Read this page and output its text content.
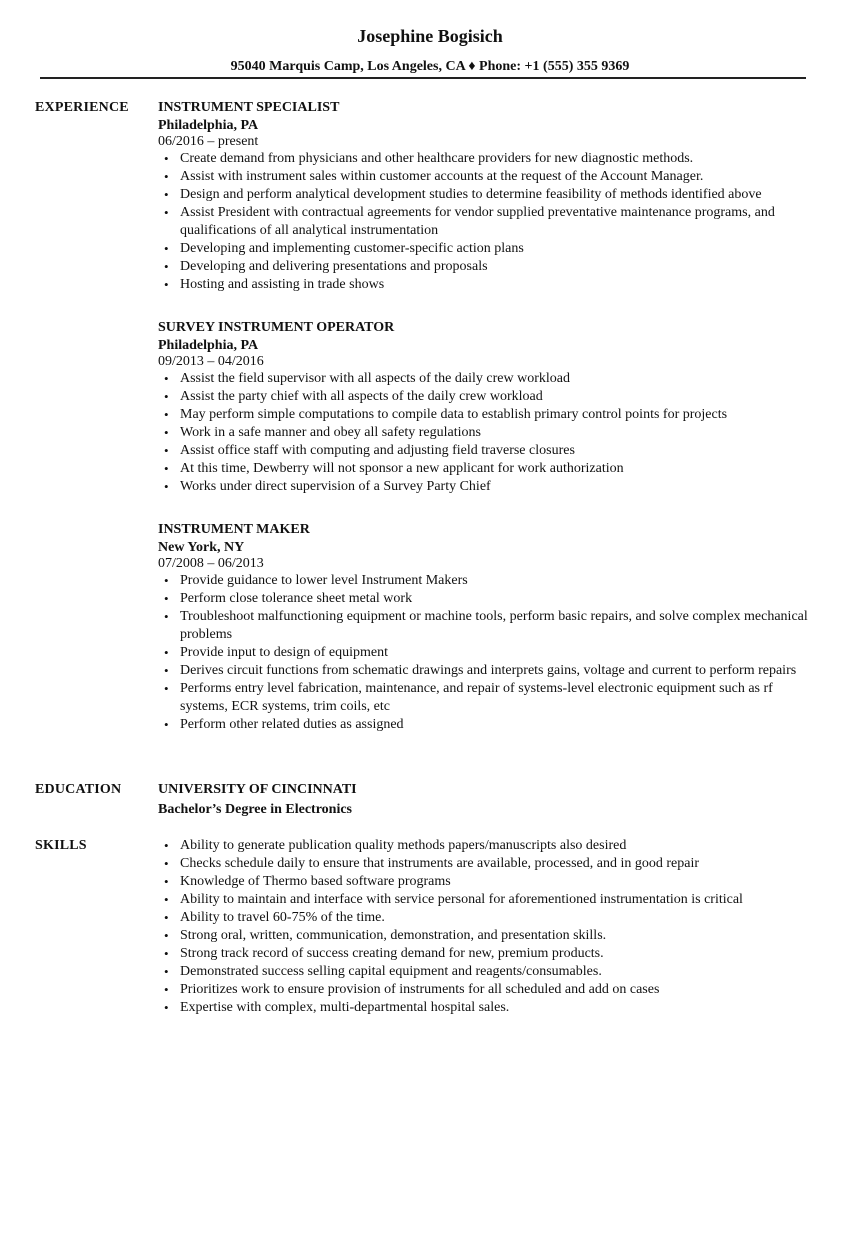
Josephine Bogisich
95040 Marquis Camp, Los Angeles, CA ♦ Phone: +1 (555) 355 9369
EXPERIENCE INSTRUMENT SPECIALIST
Philadelphia, PA
06/2016 – present
• Create demand from physicians and other healthcare providers for new diagnostic methods.
• Assist with instrument sales within customer accounts at the request of the Account Manager.
• Design and perform analytical development studies to determine feasibility of methods identified above
• Assist President with contractual agreements for vendor supplied preventative maintenance programs, and qualifications of all analytical instrumentation
• Developing and implementing customer-specific action plans
• Developing and delivering presentations and proposals
• Hosting and assisting in trade shows
SURVEY INSTRUMENT OPERATOR
Philadelphia, PA
09/2013 – 04/2016
• Assist the field supervisor with all aspects of the daily crew workload
• Assist the party chief with all aspects of the daily crew workload
• May perform simple computations to compile data to establish primary control points for projects
• Work in a safe manner and obey all safety regulations
• Assist office staff with computing and adjusting field traverse closures
• At this time, Dewberry will not sponsor a new applicant for work authorization
• Works under direct supervision of a Survey Party Chief
INSTRUMENT MAKER
New York, NY
07/2008 – 06/2013
• Provide guidance to lower level Instrument Makers
• Perform close tolerance sheet metal work
• Troubleshoot malfunctioning equipment or machine tools, perform basic repairs, and solve complex mechanical problems
• Provide input to design of equipment
• Derives circuit functions from schematic drawings and interprets gains, voltage and current to perform repairs
• Performs entry level fabrication, maintenance, and repair of systems-level electronic equipment such as rf systems, ECR systems, trim coils, etc
• Perform other related duties as assigned
EDUCATION	UNIVERSITY OF CINCINNATI
Bachelor’s Degree in Electronics
SKILLS
•	Ability to generate publication quality methods papers/manuscripts also desired
• Checks schedule daily to ensure that instruments are available, processed, and in good repair
• Knowledge of Thermo based software programs
• Ability to maintain and interface with service personal for aforementioned instrumentation is critical
• Ability to travel 60-75% of the time.
• Strong oral, written, communication, demonstration, and presentation skills.
• Strong track record of success creating demand for new, premium products.
• Demonstrated success selling capital equipment and reagents/consumables.
• Prioritizes work to ensure provision of instruments for all scheduled and add on cases
• Expertise with complex, multi-departmental hospital sales.
